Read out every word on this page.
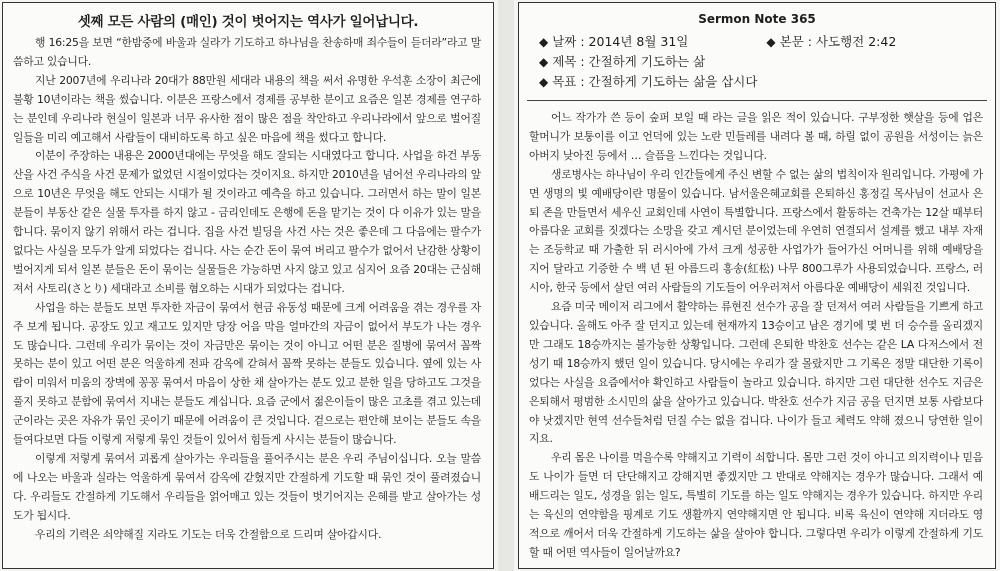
셋째 모든 사람의 (매인) 것이 벗어지는 역사가 일어납니다.

행 16:25을 보면 “한밤중에 바울과 실라가 기도하고 하나님을 찬송하매 죄수들이 듣더라”라고 말씀하고 있습니다.

지난 2007년에 우리나라 20대가 88만원 세대라 내용의 책을 써서 유명한 우석훈 소장이 최근에 불황 10년이라는 책을 썼습니다. 이분은 프랑스에서 경제를 공부한 분이고 요즘은 일본 경제를 연구하는 분인데 우리나라 현실이 일본과 너무 유사한 점이 많은 점을 착안하고 우리나라에서 앞으로 벌어질 일들을 미리 예고해서 사람들이 대비하도록 하고 싶은 마음에 책을 썼다고 합니다.

이분이 주장하는 내용은 2000년대에는 무엇을 해도 잘되는 시대였다고 합니다. 사업을 하건 부동산을 사건 주식을 사건 문제가 없었던 시절이었다는 것이지요. 하지만 2010년을 넘어선 우리나라의 앞으로 10년은 무엇을 해도 안되는 시대가 될 것이라고 예측을 하고 있습니다. 그러면서 하는 말이 일본 분들이 부동산 같은 실물 투자를 하지 않고 - 금리인데도 은행에 돈을 맡기는 것이 다 이유가 있는 말을 합니다. 묶이지 않기 위해서 라는 겁니다. 집을 사건 빌딩을 사건 사는 것은 좋은데 그 다음에는 팔수가 없다는 사실을 모두가 알게 되었다는 겁니다. 사는 순간 돈이 묶여 버리고 팔수가 없어서 난감한 상황이 벌어지게 되서 일본 분들은 돈이 묶이는 실물들은 가능하면 사지 않고 있고 심지어 요즘 20대는 근심해져서 사토리(さとり) 세대라고 소비를 혐오하는 시대가 되었다는 겁니다.

사업을 하는 분들도 보면 투자한 자금이 묶여서 현금 유동성 때문에 크게 어려움을 겪는 경우를 자주 보게 됩니다. 공장도 있고 재고도 있지만 당장 어음 막을 얼마간의 자금이 없어서 부도가 나는 경우도 많습니다. 그런데 우리가 묶이는 것이 자금만은 묶이는 것이 아니고 어떤 분은 질병에 묶여서 꼼짝 못하는 분이 있고 어떤 분은 억울하게 전파 감옥에 갇혀서 꼼짝 못하는 분들도 있습니다. 옆에 있는 사람이 미워서 미움의 장벽에 꽁꽁 묶여서 마음이 상한 채 살아가는 분도 있고 분한 일을 당하고도 그것을 풀지 못하고 분함에 묶여서 지내는 분들도 계십니다. 요즘 군에서 젊은이들이 많은 고초를 겪고 있는데 군이라는 곳은 자유가 묶인 곳이기 때문에 어려움이 큰 것입니다. 겉으로는 편안해 보이는 분들도 속을 들여다보면 다들 이렇게 저렇게 묶인 것들이 있어서 힘들게 사시는 분들이 많습니다.

이렇게 저렇게 묶여서 괴롭게 살아가는 우리들을 풀어주시는 분은 우리 주님이십니다. 오늘 말씀에 나오는 바울과 실라는 억울하게 묶여서 감옥에 갇혔지만 간절하게 기도할 때 묶인 것이 풀려졌습니다. 우리들도 간절하게 기도해서 우리들을 얽어매고 있는 것들이 벗기어지는 은혜를 받고 살아가는 성도가 됩시다.

우리의 기력은 쇠약해질 지라도 기도는 더욱 간절함으로 드리며 살아갑시다.

Sermon Note 365
◆ 날짜 : 2014년 8월 31일	◆ 본문 : 사도행전 2:42
◆ 제목 : 간절하게 기도하는 삶
◆ 목표 : 간절하게 기도하는 삶을 삽시다

어느 작가가 쓴 등이 숲퍼 보일 때 라는 글을 읽은 적이 있습니다. 구부정한 햇살을 등에 업은 할머니가 보퉁이를 이고 언덕에 있는 노란 민들레를 내려다 볼 때, 하릴 없이 공원을 서성이는 늙은 아버지 낮아진 등에서 … 슬픔을 느낀다는 것입니다.

생로병사는 하나님이 우리 인간들에게 주신 변할 수 없는 삶의 법칙이자 원리입니다. 가평에 가면 생명의 빛 예배당이란 명물이 있습니다. 남서울은혜교회를 은퇴하신 홍정길 목사님이 선교사 은퇴 존을 만들면서 세우신 교회인데 사연이 특별합니다. 프랑스에서 활동하는 건축가는 12살 때부터 아름다운 교회를 짓겠다는 소망을 갖고 계시던 분이었는데 우연히 연결되서 설계를 했고 내부 자재는 조등학교 때 가출한 뒤 러시아에 가서 크게 성공한 사업가가 들어가신 어머니를 위해 예배당을 지어 달라고 기증한 수 백 년 된 아름드리 홍송(紅松) 나무 800그루가 사용되었습니다. 프랑스, 러시아, 한국 등에서 살던 여러 사람들의 기도들이 어우러져서 아름다운 예배당이 세워진 것입니다.

요즘 미국 메이저 리그에서 활약하는 류현진 선수가 공을 잘 던져서 여러 사람들을 기쁘게 하고 있습니다. 올해도 아주 잘 던지고 있는데 현재까지 13승이고 남은 경기에 몇 번 더 승수를 올리겠지만 그래도 18승까지는 불가능한 상황입니다. 그런데 은퇴한 박찬호 선수는 같은 LA 다저스에서 전성기 때 18승까지 했던 일이 있습니다. 당시에는 우리가 잘 몰랐지만 그 기록은 정말 대단한 기록이었다는 사실을 요즘에서야 확인하고 사람들이 놀라고 있습니다. 하지만 그런 대단한 선수도 지금은 은퇴해서 평범한 소시민의 삶을 살아가고 있습니다. 박찬호 선수가 지금 공을 던지면 보통 사람보다야 낫겠지만 현역 선수들처럼 던질 수는 없을 겁니다. 나이가 들고 체력도 약해 졌으니 당연한 일이지요.

우리 몸은 나이를 먹을수록 약해지고 기력이 쇠합니다. 몸만 그런 것이 아니고 의지력이나 믿음도 나이가 들면 더 단단해지고 강해지면 좋겠지만 그 반대로 약해지는 경우가 많습니다. 그래서 예배드리는 일도, 성경을 읽는 일도, 특별히 기도를 하는 일도 약해지는 경우가 있습니다. 하지만 우리는 육신의 연약함을 핑계로 기도 생활까지 연약해지면 안 됩니다. 비록 육신이 연약해 지더라도 영적으로 깨어서 더욱 간절하게 기도하는 삶을 살아야 합니다. 그렇다면 우리가 이렇게 간절하게 기도할 때 어떤 역사들이 일어날까요?
